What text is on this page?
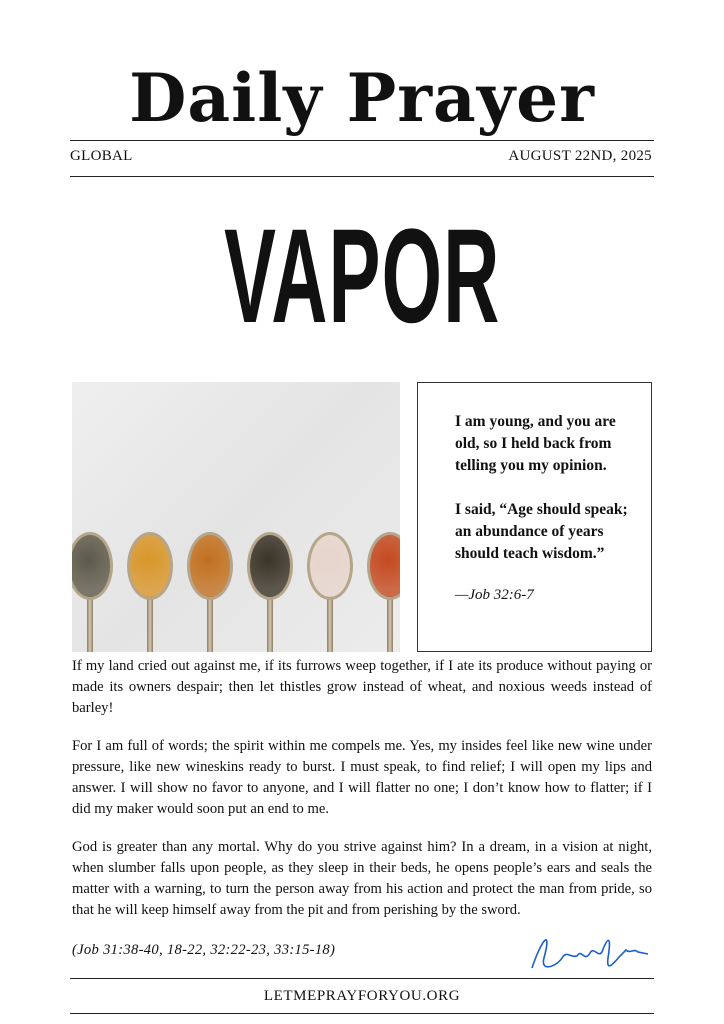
Daily Prayer
GLOBAL	AUGUST 22ND, 2025
VAPOR

I am young, and you are old, so I held back from telling you my opinion.

I said, “Age should speak; an abundance of years should teach wisdom.”

—Job 32:6-7

If my land cried out against me, if its furrows weep together, if I ate its produce without paying or made its owners despair; then let thistles grow instead of wheat, and noxious weeds instead of barley!

For I am full of words; the spirit within me compels me. Yes, my insides feel like new wine under pressure, like new wineskins ready to burst. I must speak, to find relief; I will open my lips and answer. I will show no favor to anyone, and I will flatter no one; I don’t know how to flatter; if I did my maker would soon put an end to me.

God is greater than any mortal. Why do you strive against him? In a dream, in a vision at night, when slumber falls upon people, as they sleep in their beds, he opens people’s ears and seals the matter with a warning, to turn the person away from his action and protect the man from pride, so that he will keep himself away from the pit and from perishing by the sword.

(Job 31:38-40, 18-22, 32:22-23, 33:15-18)
LETMEPRAYFORYOU.ORG
